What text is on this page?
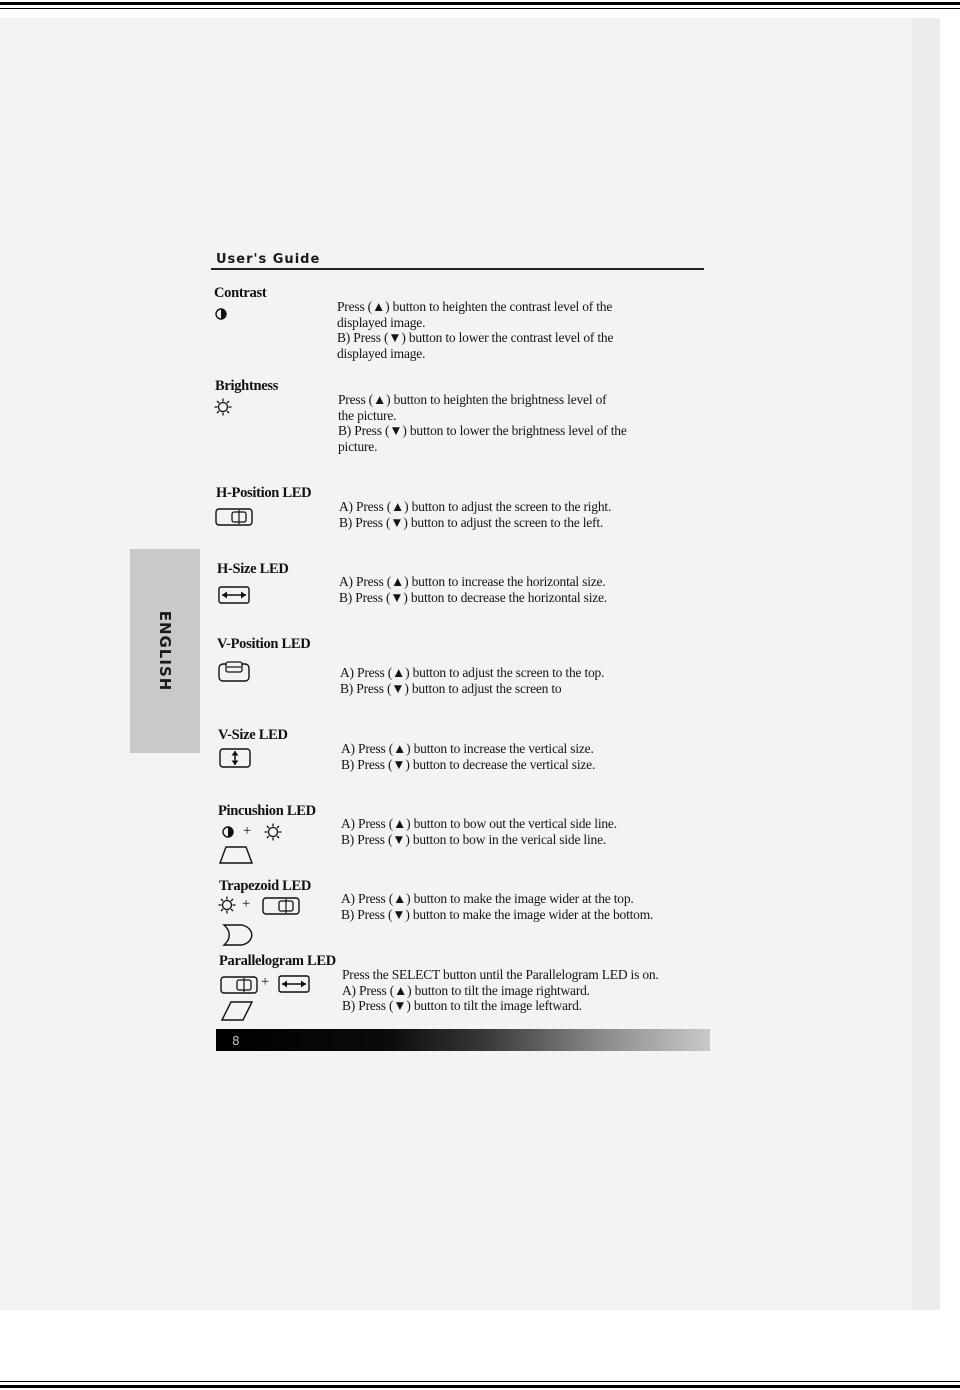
ENGLISH
User's Guide
Contrast
Press (▲) button to heighten the contrast level of the
displayed image.
B) Press (▼) button to lower the contrast level of the
displayed image.
Brightness
Press (▲) button to heighten the brightness level of
the picture.
B) Press (▼) button to lower the brightness level of the
picture.
H-Position LED
A) Press (▲) button to adjust the screen to the right.
B) Press (▼) button to adjust the screen to the left.
H-Size LED
A) Press (▲) button to increase the horizontal size.
B) Press (▼) button to decrease the horizontal size.
V-Position LED
A) Press (▲) button to adjust the screen to the top.
B) Press (▼) button to adjust the screen to
V-Size LED
A) Press (▲) button to increase the vertical size.
B) Press (▼) button to decrease the vertical size.
Pincushion LED
+	A) Press (▲) button to bow out the vertical side line.
B) Press (▼) button to bow in the verical side line.
Trapezoid LED
+	A) Press (▲) button to make the image wider at the top.
B) Press (▼) button to make the image wider at the bottom.
Parallelogram LED
+	Press the SELECT button until the Parallelogram LED is on.
A) Press (▲) button to tilt the image rightward.
B) Press (▼) button to tilt the image leftward.
8
